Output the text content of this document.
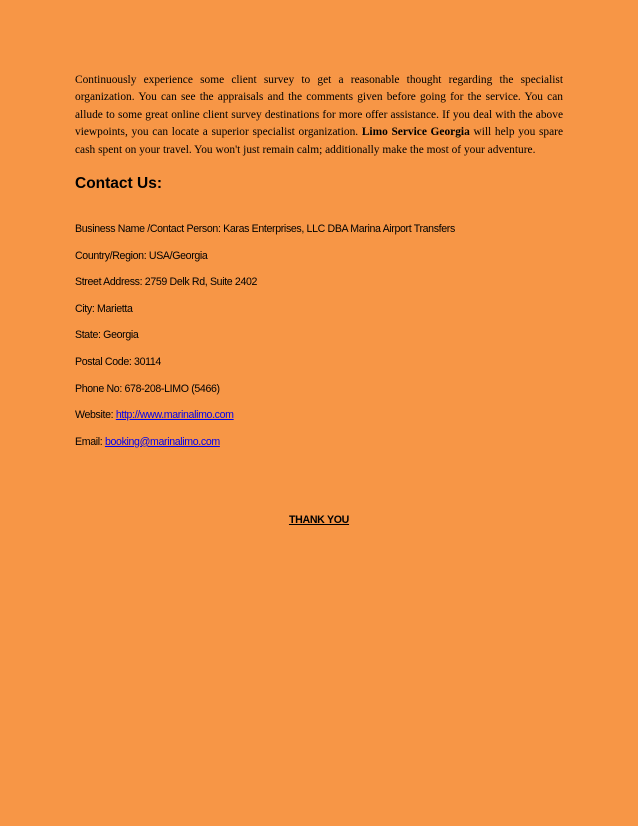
Continuously experience some client survey to get a reasonable thought regarding the specialist organization. You can see the appraisals and the comments given before going for the service. You can allude to some great online client survey destinations for more offer assistance. If you deal with the above viewpoints, you can locate a superior specialist organization. Limo Service Georgia will help you spare cash spent on your travel. You won't just remain calm; additionally make the most of your adventure.

Contact Us:
Business Name /Contact Person: Karas Enterprises, LLC DBA Marina Airport Transfers
Country/Region: USA/Georgia
Street Address: 2759 Delk Rd, Suite 2402
City: Marietta
State: Georgia
Postal Code: 30114
Phone No: 678-208-LIMO (5466)
Website: http://www.marinalimo.com
Email: booking@marinalimo.com
THANK YOU
